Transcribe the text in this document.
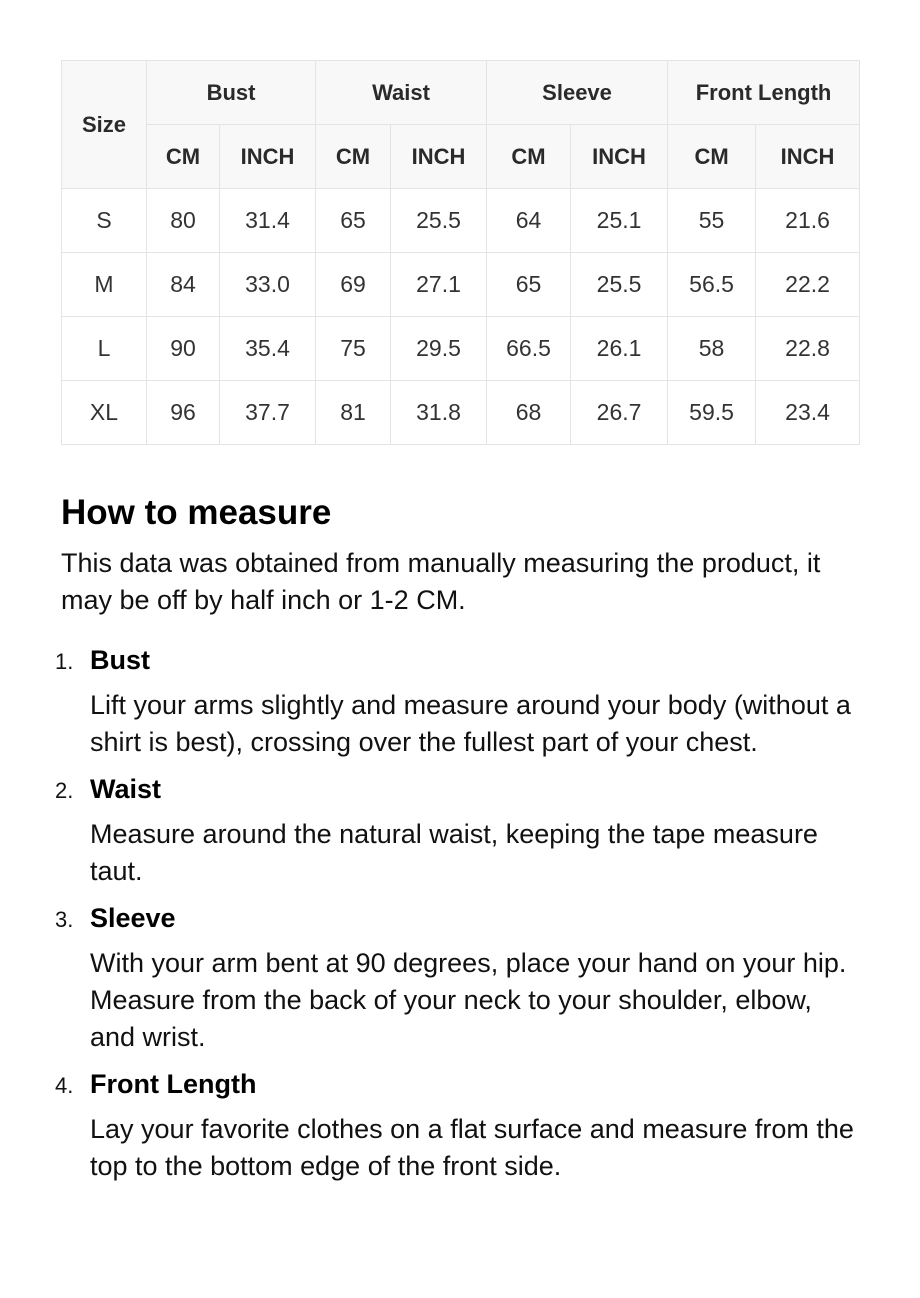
Size	Bust		Waist		Sleeve		Front Length	
	CM	INCH	CM	INCH	CM	INCH	CM	INCH
S	80	31.4	65	25.5	64	25.1	55	21.6
M	84	33.0	69	27.1	65	25.5	56.5	22.2
L	90	35.4	75	29.5	66.5	26.1	58	22.8
XL	96	37.7	81	31.8	68	26.7	59.5	23.4
How to measure

This data was obtained from manually measuring the product, it may be off by half inch or 1-2 CM.

1. Bust

Lift your arms slightly and measure around your body (without a shirt is best), crossing over the fullest part of your chest.

2. Waist

Measure around the natural waist, keeping the tape measure taut.

3. Sleeve

With your arm bent at 90 degrees, place your hand on your hip. Measure from the back of your neck to your shoulder, elbow, and wrist.

4. Front Length

Lay your favorite clothes on a flat surface and measure from the top to the bottom edge of the front side.
